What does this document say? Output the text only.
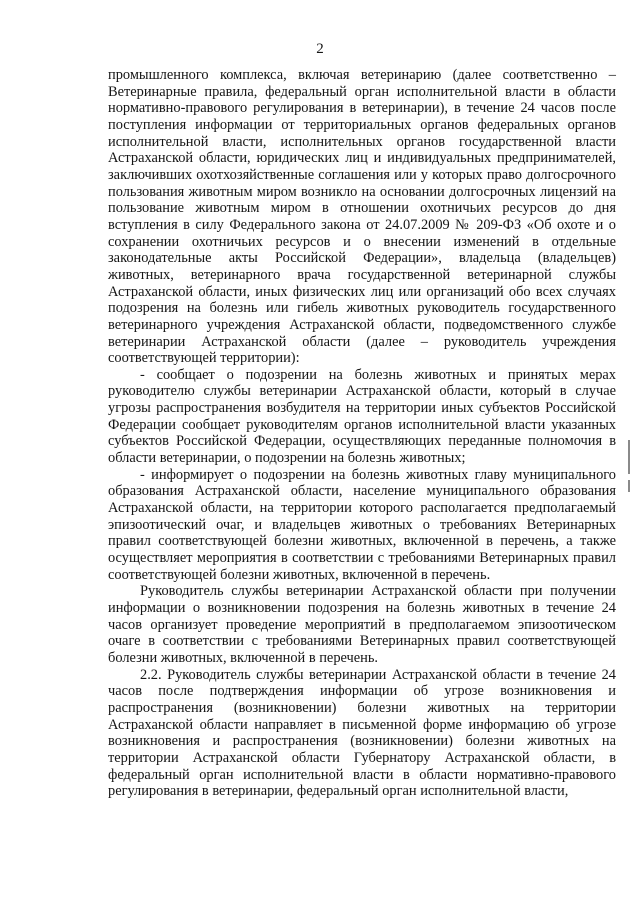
2

промышленного комплекса, включая ветеринарию (далее соответственно – Ветеринарные правила, федеральный орган исполнительной власти в области нормативно-правового регулирования в ветеринарии), в течение 24 часов после поступления информации от территориальных органов федеральных органов исполнительной власти, исполнительных органов государственной власти Астраханской области, юридических лиц и индивидуальных предпринимателей, заключивших охотхозяйственные соглашения или у которых право долгосрочного пользования животным миром возникло на основании долгосрочных лицензий на пользование животным миром в отношении охотничьих ресурсов до дня вступления в силу Федерального закона от 24.07.2009 № 209-ФЗ «Об охоте и о сохранении охотничьих ресурсов и о внесении изменений в отдельные законодательные акты Российской Федерации», владельца (владельцев) животных, ветеринарного врача государственной ветеринарной службы Астраханской области, иных физических лиц или организаций обо всех случаях подозрения на болезнь или гибель животных руководитель государственного ветеринарного учреждения Астраханской области, подведомственного службе ветеринарии Астраханской области (далее – руководитель учреждения соответствующей территории):

- сообщает о подозрении на болезнь животных и принятых мерах руководителю службы ветеринарии Астраханской области, который в случае угрозы распространения возбудителя на территории иных субъектов Российской Федерации сообщает руководителям органов исполнительной власти указанных субъектов Российской Федерации, осуществляющих переданные полномочия в области ветеринарии, о подозрении на болезнь животных;

- информирует о подозрении на болезнь животных главу муниципального образования Астраханской области, население муниципального образования Астраханской области, на территории которого располагается предполагаемый эпизоотический очаг, и владельцев животных о требованиях Ветеринарных правил соответствующей болезни животных, включенной в перечень, а также осуществляет мероприятия в соответствии с требованиями Ветеринарных правил соответствующей болезни животных, включенной в перечень.

Руководитель службы ветеринарии Астраханской области при получении информации о возникновении подозрения на болезнь животных в течение 24 часов организует проведение мероприятий в предполагаемом эпизоотическом очаге в соответствии с требованиями Ветеринарных правил соответствующей болезни животных, включенной в перечень.

2.2. Руководитель службы ветеринарии Астраханской области в течение 24 часов после подтверждения информации об угрозе возникновения и распространения (возникновении) болезни животных на территории Астраханской области направляет в письменной форме информацию об угрозе возникновения и распространения (возникновении) болезни животных на территории Астраханской области Губернатору Астраханской области, в федеральный орган исполнительной власти в области нормативно-правового регулирования в ветеринарии, федеральный орган исполнительной власти,
